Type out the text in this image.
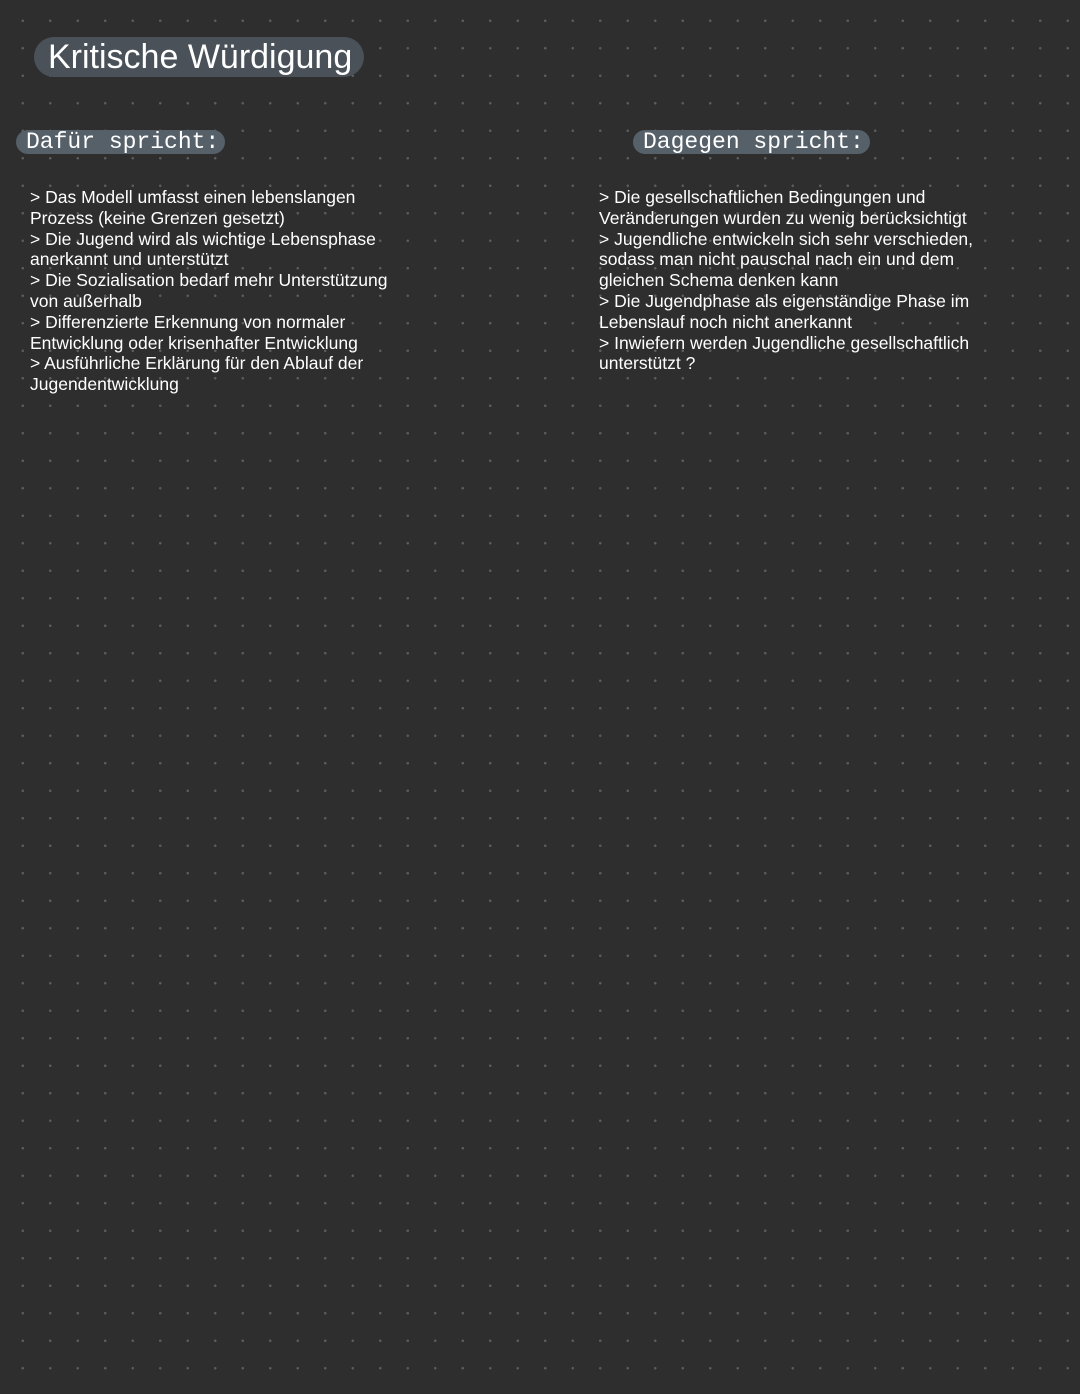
Kritische Würdigung
Dafür spricht:	Dagegen spricht:
> Das Modell umfasst einen lebenslangen
Prozess (keine Grenzen gesetzt)
> Die Jugend wird als wichtige Lebensphase
anerkannt und unterstützt
> Die Sozialisation bedarf mehr Unterstützung
von außerhalb
> Differenzierte Erkennung von normaler
Entwicklung oder krisenhafter Entwicklung
> Ausführliche Erklärung für den Ablauf der
Jugendentwicklung
> Die gesellschaftlichen Bedingungen und
Veränderungen wurden zu wenig berücksichtigt
> Jugendliche entwickeln sich sehr verschieden,
sodass man nicht pauschal nach ein und dem
gleichen Schema denken kann
> Die Jugendphase als eigenständige Phase im
Lebenslauf noch nicht anerkannt
> Inwiefern werden Jugendliche gesellschaftlich
unterstützt ?
